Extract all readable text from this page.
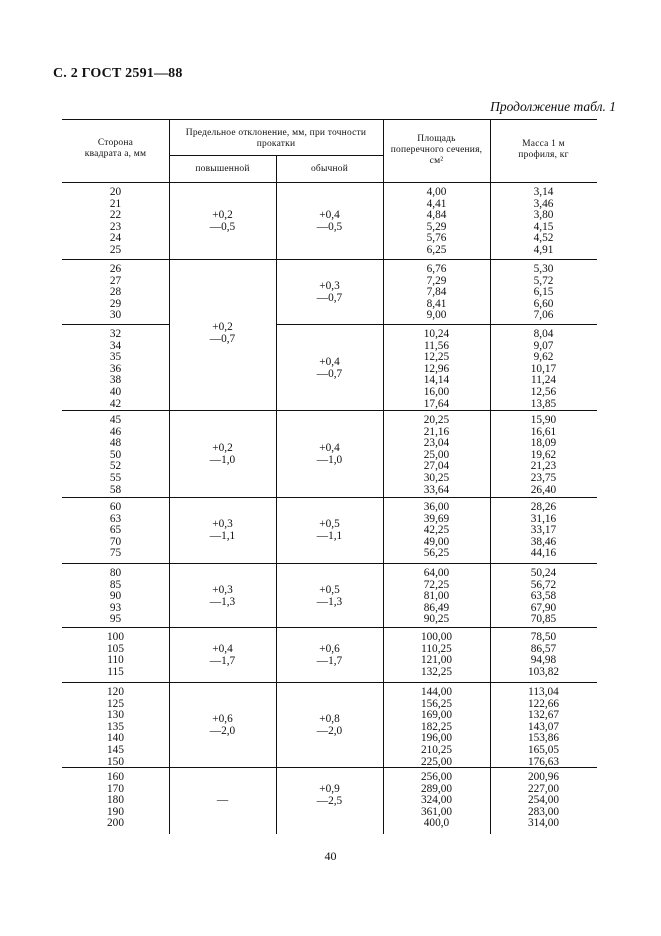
С. 2 ГОСТ 2591—88
Продолжение табл. 1
Сторона
квадрата a, мм
Предельное отклонение, мм, при точности
прокатки
повышенной	обычной
Площадь
поперечного сечения,
см²
Масса 1 м
профиля, кг
+0,2
—0,5
+0,2
—0,7
+0,2
—1,0
+0,3
—1,1
+0,3
—1,3
+0,4
—1,7
+0,6
—2,0
—
+0,4
—0,5
+0,3
—0,7
+0,4
—0,7
+0,4
—1,0
+0,5
—1,1
+0,5
—1,3
+0,6
—1,7
+0,8
—2,0
+0,9
—2,5
20
21
22
23
24
25
4,00
4,41
4,84
5,29
5,76
6,25
3,14
3,46
3,80
4,15
4,52
4,91
26
27
28
29
30
6,76
7,29
7,84
8,41
9,00
5,30
5,72
6,15
6,60
7,06
32
34
35
36
38
40
42
10,24
11,56
12,25
12,96
14,14
16,00
17,64
8,04
9,07
9,62
10,17
11,24
12,56
13,85
45
46
48
50
52
55
58
20,25
21,16
23,04
25,00
27,04
30,25
33,64
15,90
16,61
18,09
19,62
21,23
23,75
26,40
60
63
65
70
75
36,00
39,69
42,25
49,00
56,25
28,26
31,16
33,17
38,46
44,16
80
85
90
93
95
64,00
72,25
81,00
86,49
90,25
50,24
56,72
63,58
67,90
70,85
100
105
110
115
100,00
110,25
121,00
132,25
78,50
86,57
94,98
103,82
120
125
130
135
140
145
150
144,00
156,25
169,00
182,25
196,00
210,25
225,00
113,04
122,66
132,67
143,07
153,86
165,05
176,63
160
170
180
190
200
256,00
289,00
324,00
361,00
400,0
200,96
227,00
254,00
283,00
314,00
40
